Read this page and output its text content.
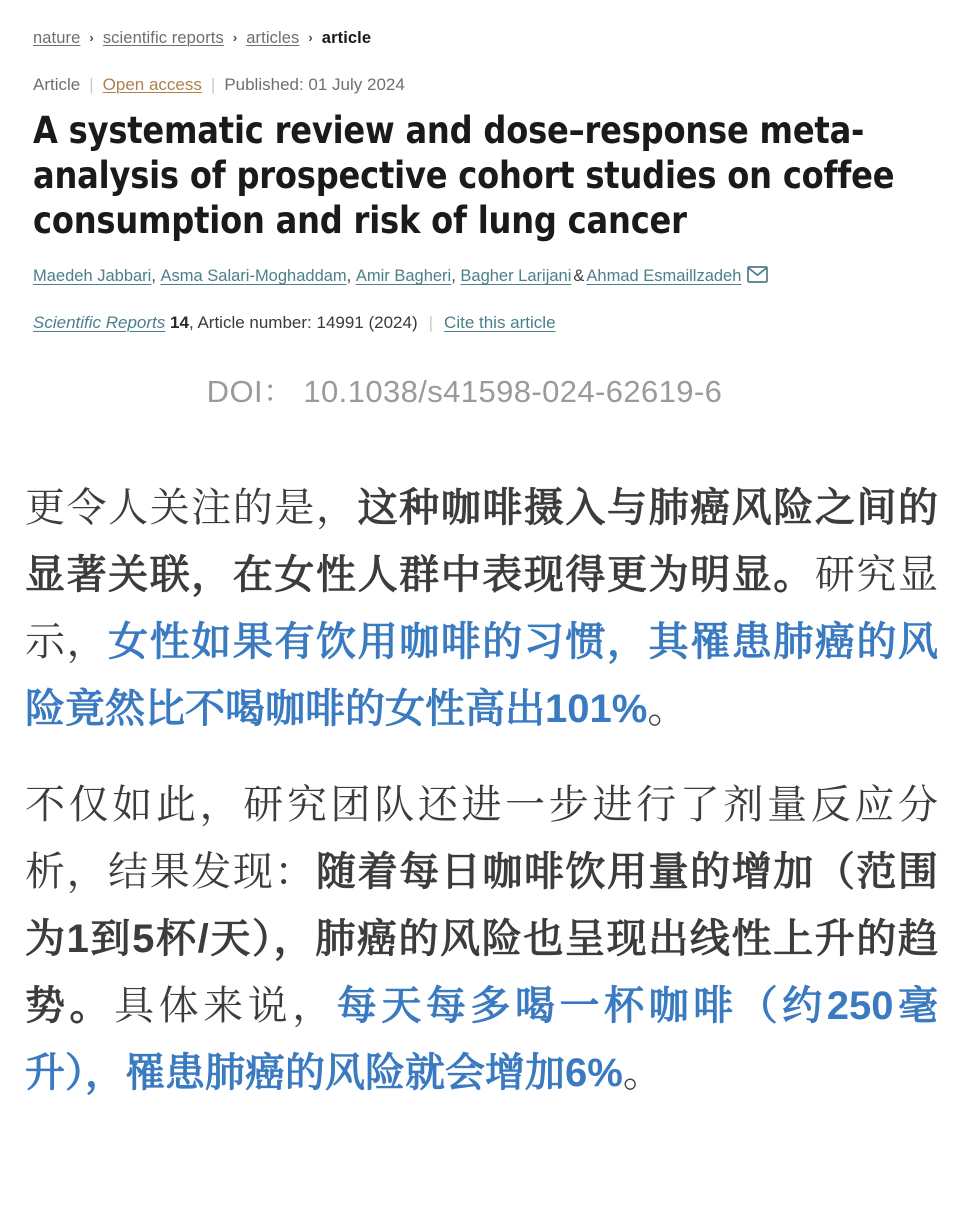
nature › scientific reports › articles › article
Article | Open access | Published: 01 July 2024
A systematic review and dose–response meta-analysis of prospective cohort studies on coffee consumption and risk of lung cancer
Maedeh Jabbari, Asma Salari-Moghaddam, Amir Bagheri, Bagher Larijani & Ahmad Esmaillzadeh
Scientific Reports 14, Article number: 14991 (2024) | Cite this article
DOI： 10.1038/s41598-024-62619-6

更令人关注的是，这种咖啡摄入与肺癌风险之间的显著关联，在女性人群中表现得更为明显。研究显示，女性如果有饮用咖啡的习惯，其罹患肺癌的风险竟然比不喝咖啡的女性高出101%。

不仅如此，研究团队还进一步进行了剂量反应分析，结果发现：随着每日咖啡饮用量的增加（范围为1到5杯/天），肺癌的风险也呈现出线性上升的趋势。具体来说，每天每多喝一杯咖啡（约250毫升），罹患肺癌的风险就会增加6%。
